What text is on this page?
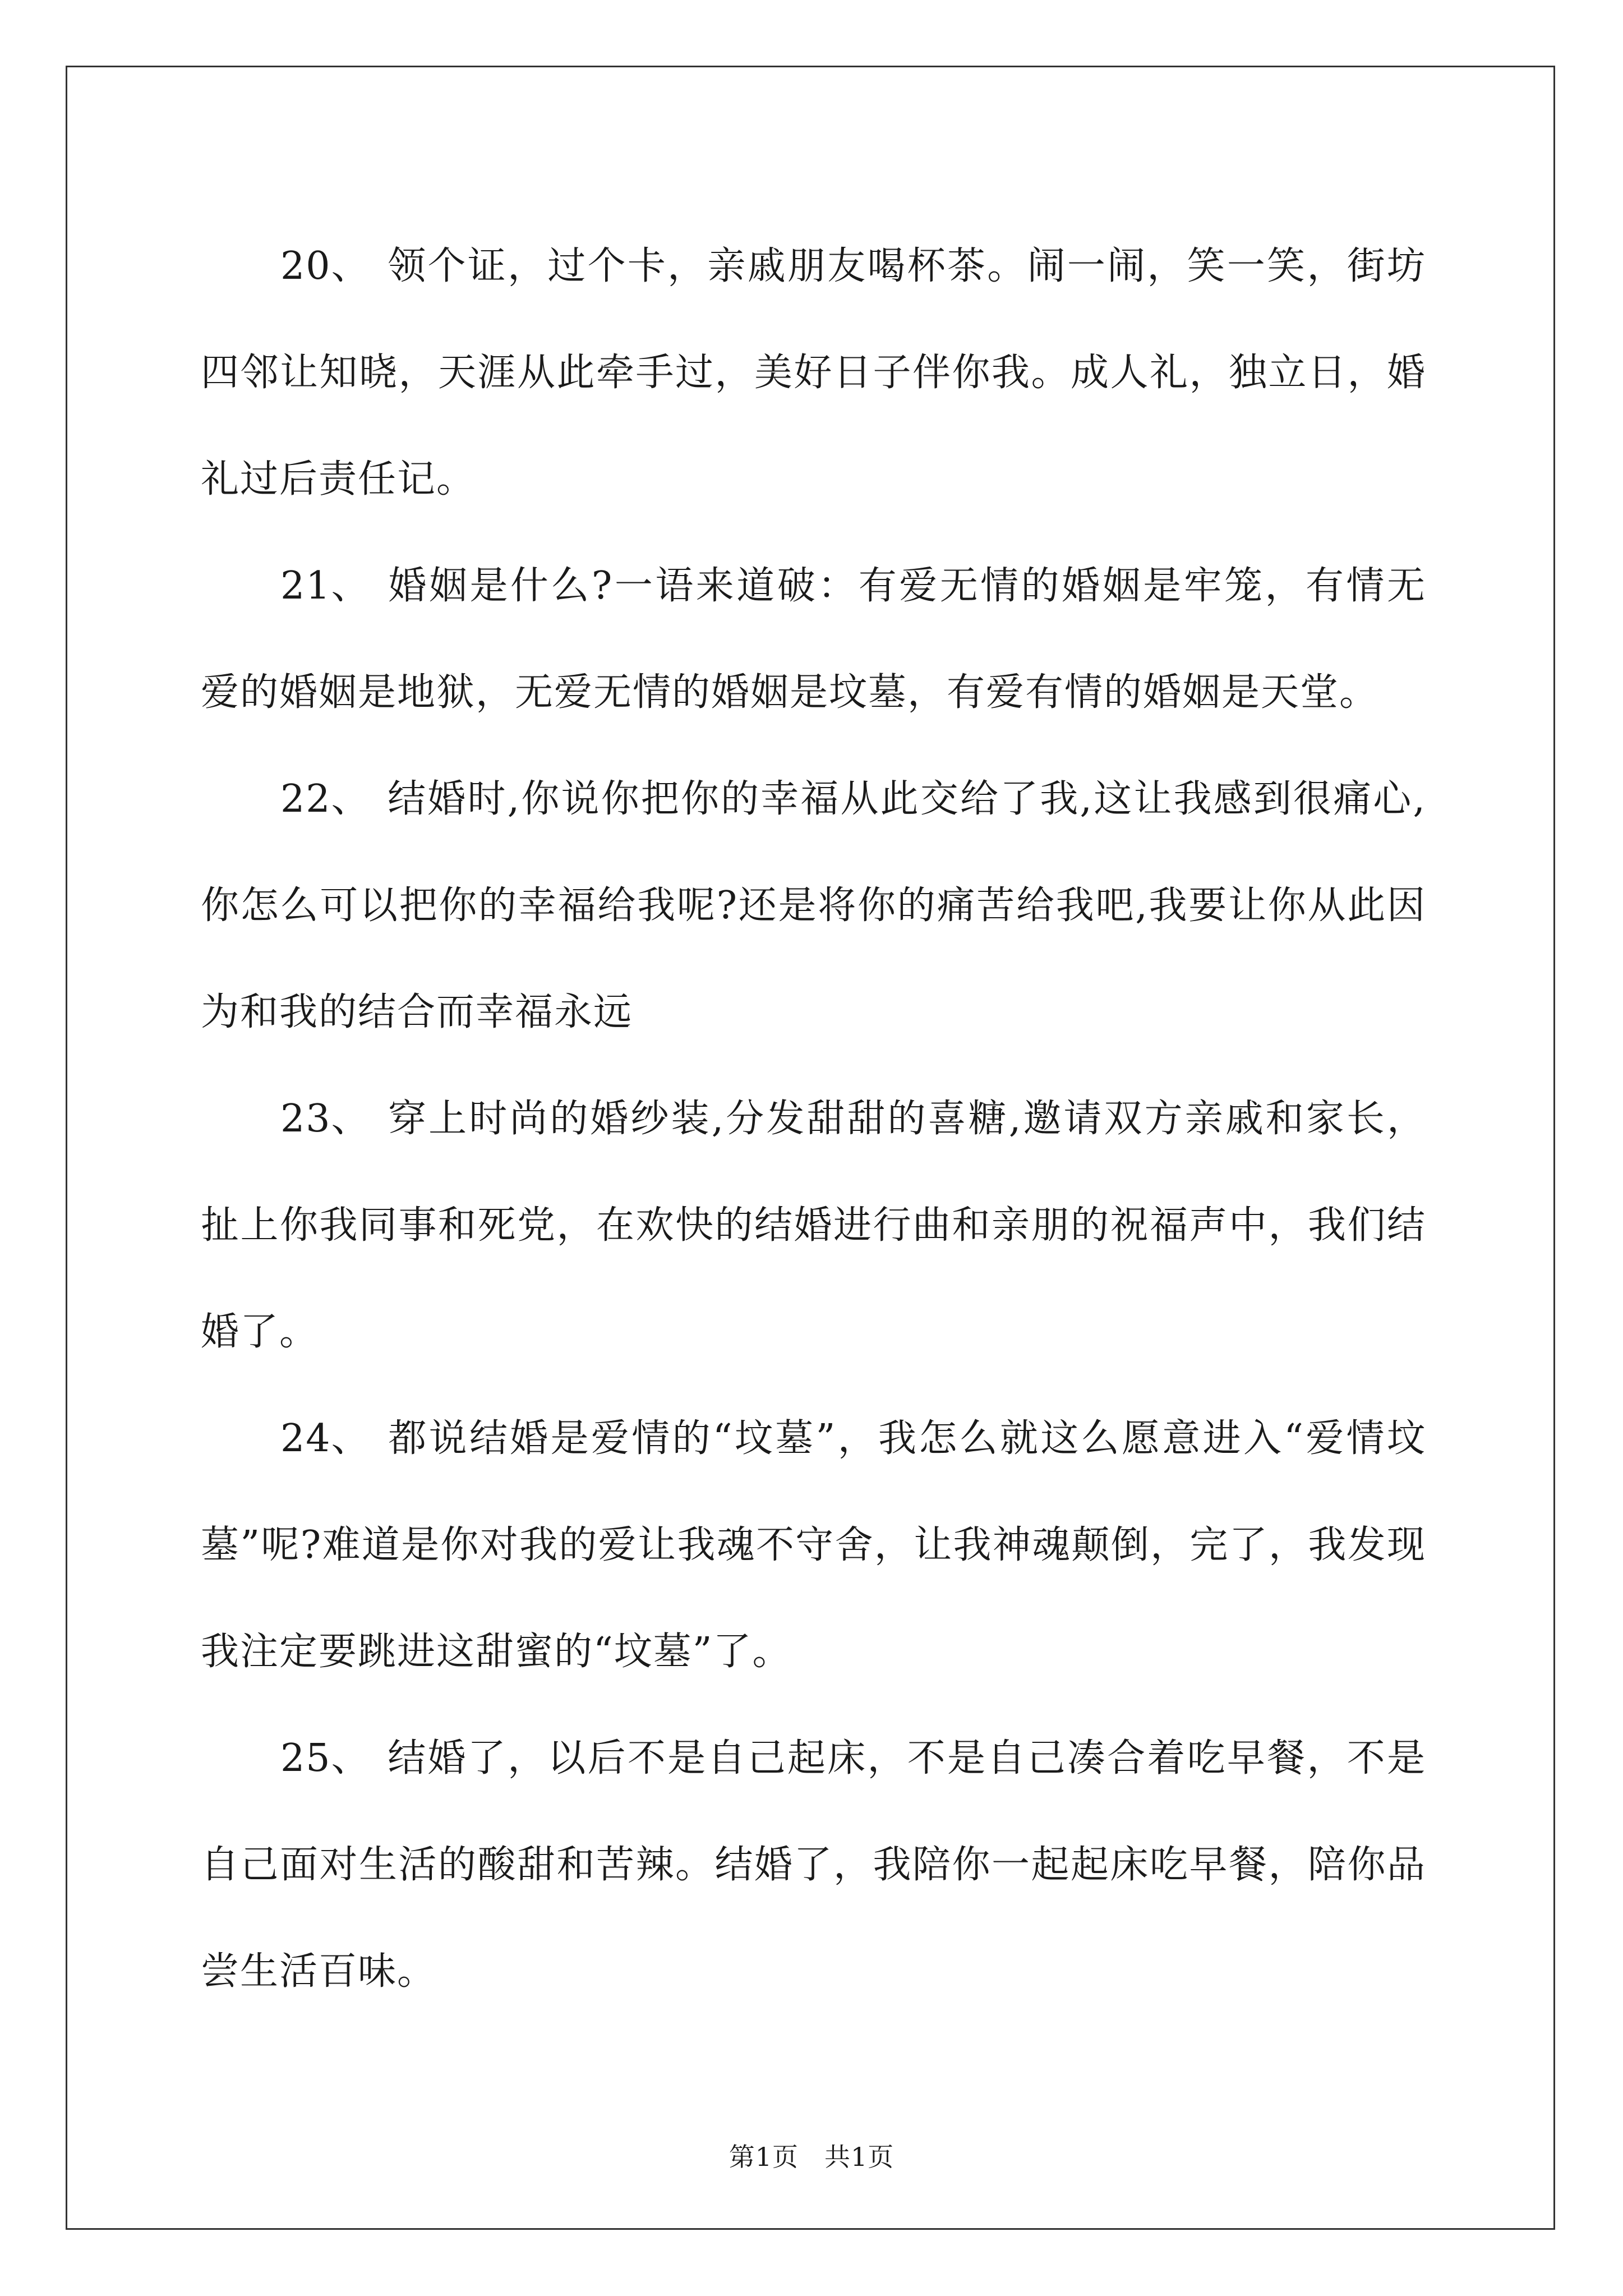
20、 领个证，过个卡，亲戚朋友喝杯茶。闹一闹，笑一笑，街坊四邻让知晓，天涯从此牵手过，美好日子伴你我。成人礼，独立日，婚礼过后责任记。

21、 婚姻是什么?一语来道破：有爱无情的婚姻是牢笼，有情无爱的婚姻是地狱，无爱无情的婚姻是坟墓，有爱有情的婚姻是天堂。

22、 结婚时,你说你把你的幸福从此交给了我,这让我感到很痛心,你怎么可以把你的幸福给我呢?还是将你的痛苦给我吧,我要让你从此因为和我的结合而幸福永远

23、 穿上时尚的婚纱装,分发甜甜的喜糖,邀请双方亲戚和家长，扯上你我同事和死党，在欢快的结婚进行曲和亲朋的祝福声中，我们结婚了。

24、 都说结婚是爱情的“坟墓”，我怎么就这么愿意进入“爱情坟墓”呢?难道是你对我的爱让我魂不守舍，让我神魂颠倒，完了，我发现我注定要跳进这甜蜜的“坟墓”了。

25、 结婚了，以后不是自己起床，不是自己凑合着吃早餐，不是自己面对生活的酸甜和苦辣。结婚了，我陪你一起起床吃早餐，陪你品尝生活百味。

第1页 共1页
